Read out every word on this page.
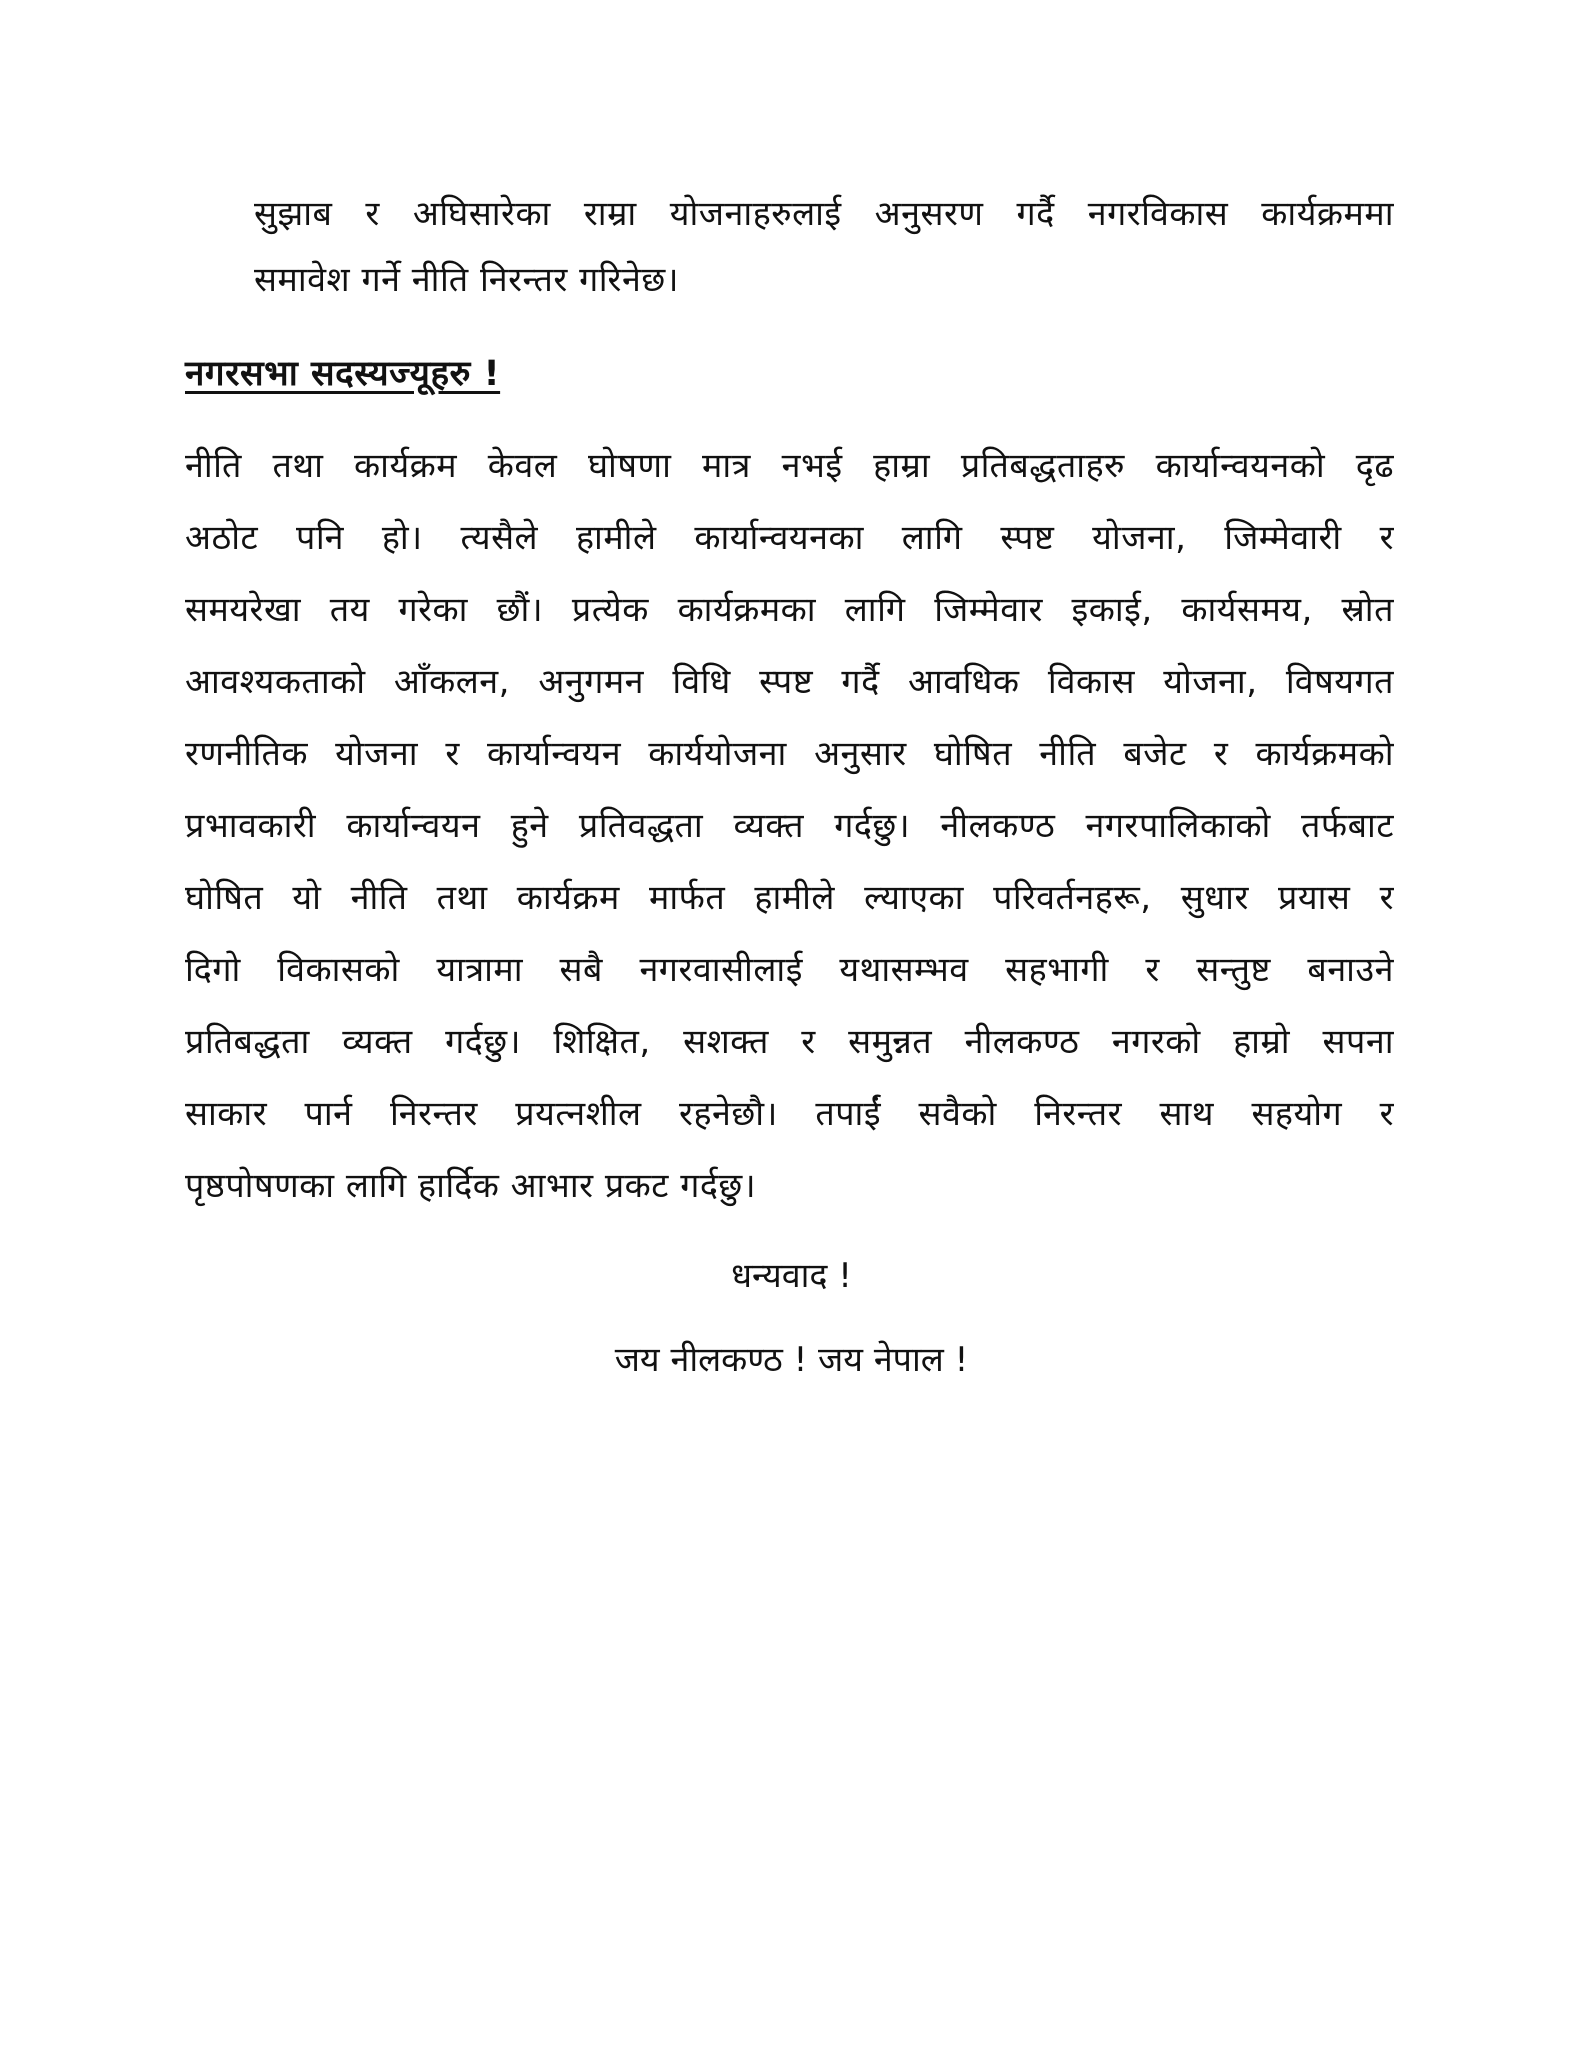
सुझाब र अघिसारेका राम्रा योजनाहरुलाई अनुसरण गर्दै नगरविकास कार्यक्रममा
समावेश गर्ने नीति निरन्तर गरिनेछ।
नगरसभा सदस्यज्यूहरु !
नीति तथा कार्यक्रम केवल घोषणा मात्र नभई हाम्रा प्रतिबद्धताहरु कार्यान्वयनको दृढ
अठोट पनि हो। त्यसैले हामीले कार्यान्वयनका लागि स्पष्ट योजना, जिम्मेवारी र
समयरेखा तय गरेका छौं। प्रत्येक कार्यक्रमका लागि जिम्मेवार इकाई, कार्यसमय, स्रोत
आवश्यकताको आँकलन, अनुगमन विधि स्पष्ट गर्दै आवधिक विकास योजना, विषयगत
रणनीतिक योजना र कार्यान्वयन कार्ययोजना अनुसार घोषित नीति बजेट र कार्यक्रमको
प्रभावकारी कार्यान्वयन हुने प्रतिवद्धता व्यक्त गर्दछु। नीलकण्ठ नगरपालिकाको तर्फबाट
घोषित यो नीति तथा कार्यक्रम मार्फत हामीले ल्याएका परिवर्तनहरू, सुधार प्रयास र
दिगो विकासको यात्रामा सबै नगरवासीलाई यथासम्भव सहभागी र सन्तुष्ट बनाउने
प्रतिबद्धता व्यक्त गर्दछु। शिक्षित, सशक्त र समुन्नत नीलकण्ठ नगरको हाम्रो सपना
साकार पार्न निरन्तर प्रयत्नशील रहनेछौ। तपाईं सवैको निरन्तर साथ सहयोग र
पृष्ठपोषणका लागि हार्दिक आभार प्रकट गर्दछु।
धन्यवाद !
जय नीलकण्ठ ! जय नेपाल !
